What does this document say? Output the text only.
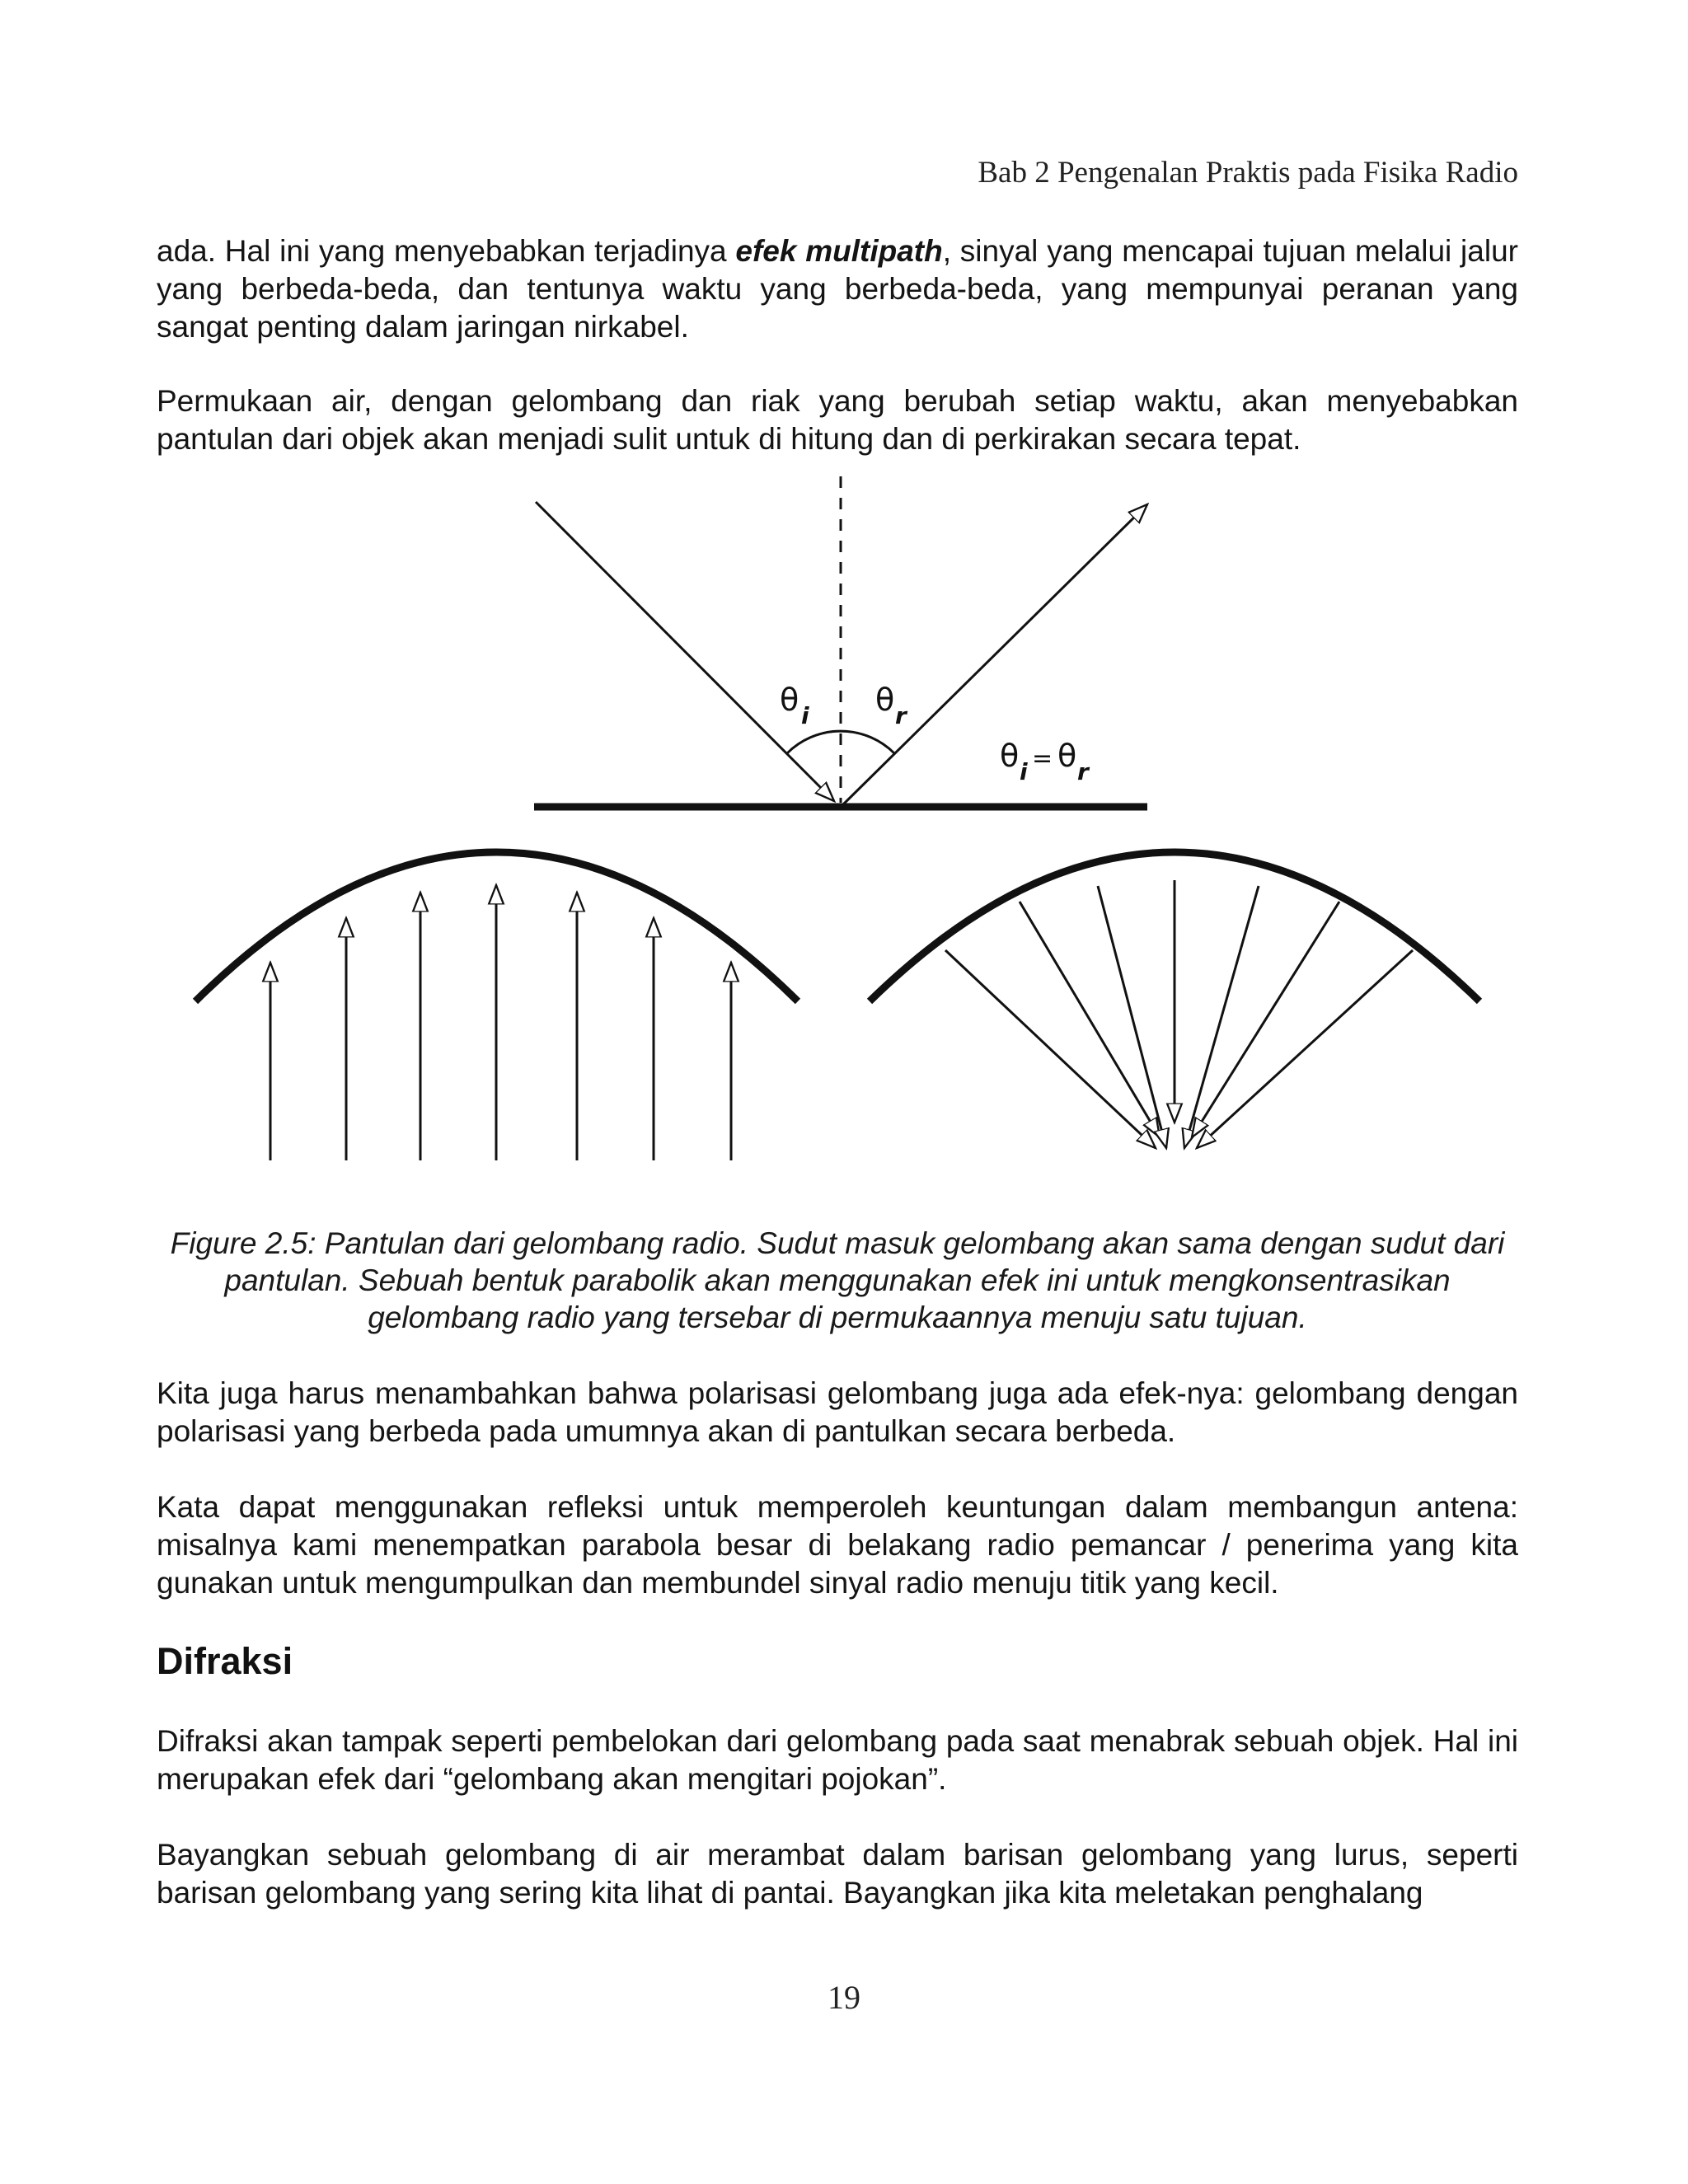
Bab 2 Pengenalan Praktis pada Fisika Radio

ada. Hal ini yang menyebabkan terjadinya efek multipath, sinyal yang mencapai tujuan melalui jalur yang berbeda-beda, dan tentunya waktu yang berbeda-beda, yang mempunyai peranan yang sangat penting dalam jaringan nirkabel.

Permukaan air, dengan gelombang dan riak yang berubah setiap waktu, akan menyebabkan pantulan dari objek akan menjadi sulit untuk di hitung dan di perkirakan secara tepat.

θ i θ r
θ i = θ r

Figure 2.5: Pantulan dari gelombang radio. Sudut masuk gelombang akan sama dengan sudut dari pantulan. Sebuah bentuk parabolik akan menggunakan efek ini untuk mengkonsentrasikan gelombang radio yang tersebar di permukaannya menuju satu tujuan.

Kita juga harus menambahkan bahwa polarisasi gelombang juga ada efek-nya: gelombang dengan polarisasi yang berbeda pada umumnya akan di pantulkan secara berbeda.

Kata dapat menggunakan refleksi untuk memperoleh keuntungan dalam membangun antena: misalnya kami menempatkan parabola besar di belakang radio pemancar / penerima yang kita gunakan untuk mengumpulkan dan membundel sinyal radio menuju titik yang kecil.

Difraksi

Difraksi akan tampak seperti pembelokan dari gelombang pada saat menabrak sebuah objek. Hal ini merupakan efek dari “gelombang akan mengitari pojokan”.

Bayangkan sebuah gelombang di air merambat dalam barisan gelombang yang lurus, seperti barisan gelombang yang sering kita lihat di pantai. Bayangkan jika kita meletakan penghalang

19
